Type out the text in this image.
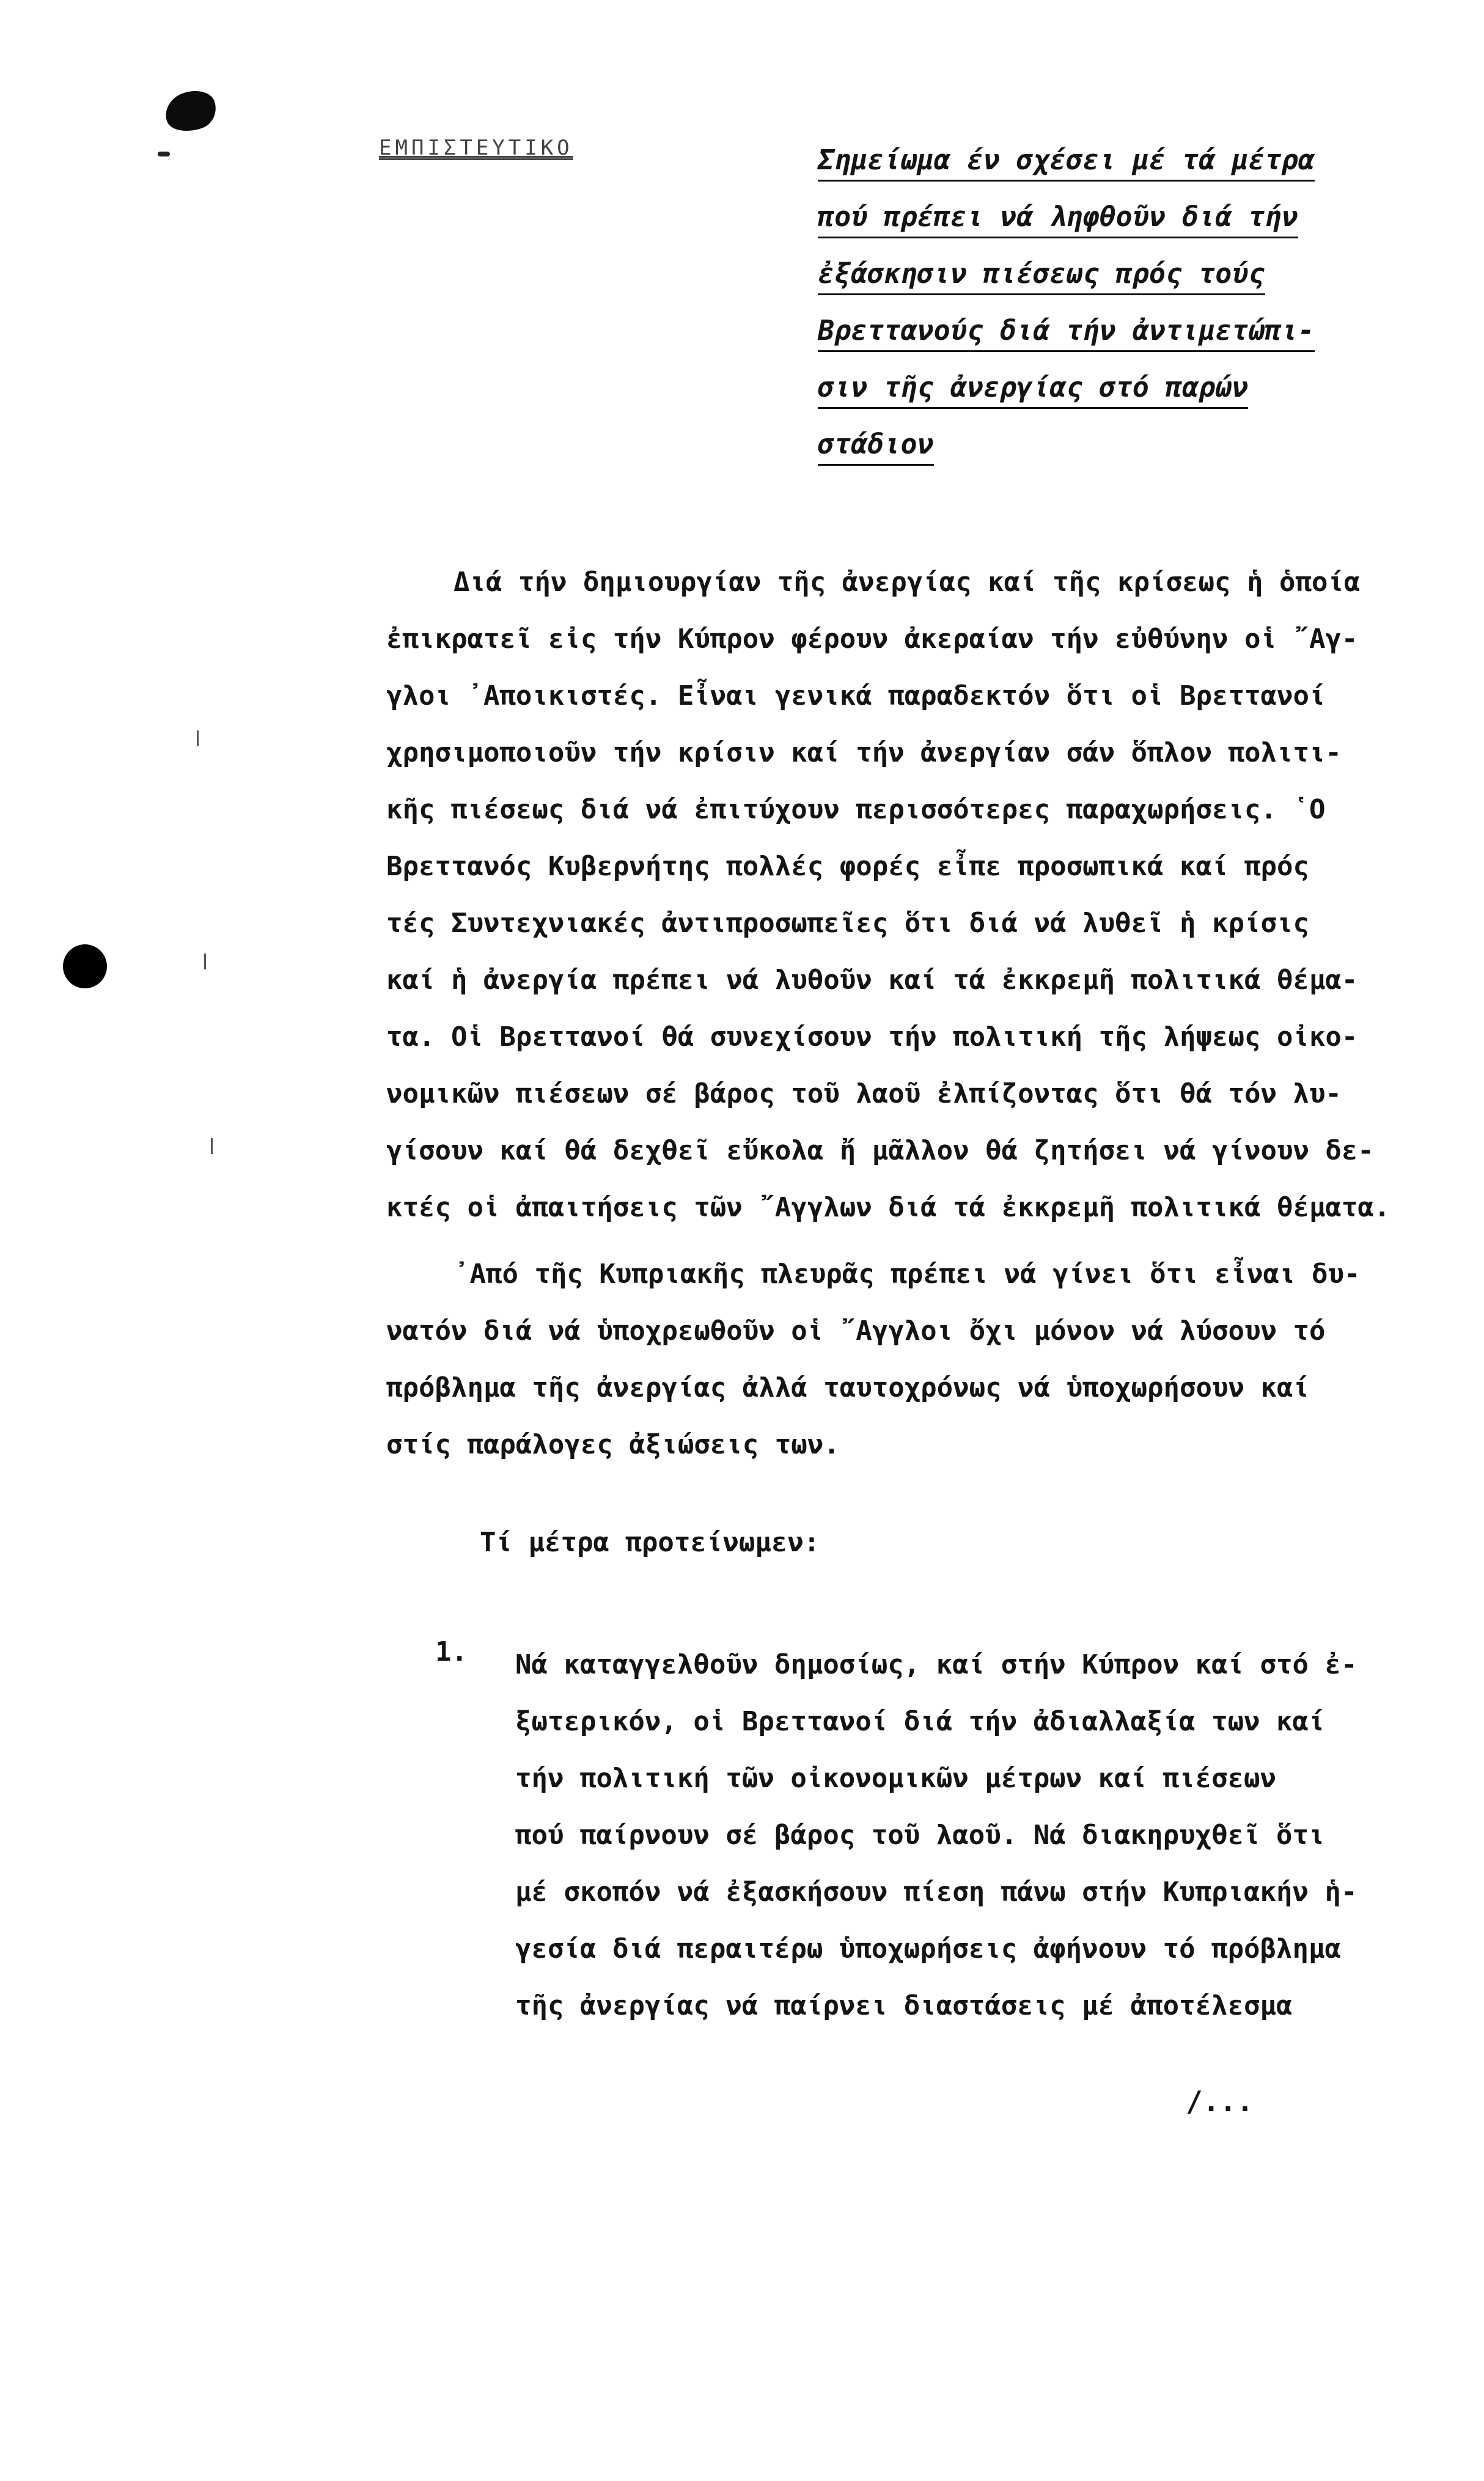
ΕΜΠΙΣΤΕΥΤΙΚΟ	Σημείωμα έν σχέσει μέ τά μέτρα
πού πρέπει νά ληφθοῦν διά τήν
ἐξάσκησιν πιέσεως πρός τούς
Βρεττανούς διά τήν ἀντιμετώπι-
σιν τῆς ἀνεργίας στό παρών στάδιον
Διά τήν δημιουργίαν τῆς ἀνεργίας καί τῆς κρίσεως ἡ ὁποία
ἐπικρατεῖ εἰς τήν Κύπρον φέρουν ἀκεραίαν τήν εὐθύνην οἱ ῎Αγ-
γλοι ᾿Αποικιστές. Εἶναι γενικά παραδεκτόν ὅτι οἱ Βρεττανοί
χρησιμοποιοῦν τήν κρίσιν καί τήν ἀνεργίαν σάν ὅπλον πολιτι-
κῆς πιέσεως διά νά ἐπιτύχουν περισσότερες παραχωρήσεις. ῾Ο
Βρεττανός Κυβερνήτης πολλές φορές εἶπε προσωπικά καί πρός
τές Συντεχνιακές ἀντιπροσωπεῖες ὅτι διά νά λυθεῖ ἡ κρίσις
καί ἡ ἀνεργία πρέπει νά λυθοῦν καί τά ἐκκρεμῆ πολιτικά θέμα-
τα. Οἱ Βρεττανοί θά συνεχίσουν τήν πολιτική τῆς λήψεως οἰκο-
νομικῶν πιέσεων σέ βάρος τοῦ λαοῦ ἐλπίζοντας ὅτι θά τόν λυ-
γίσουν καί θά δεχθεῖ εὔκολα ἤ μᾶλλον θά ζητήσει νά γίνουν δε-
κτές οἱ ἀπαιτήσεις τῶν ῎Αγγλων διά τά ἐκκρεμῆ πολιτικά θέματα.
᾿Από τῆς Κυπριακῆς πλευρᾶς πρέπει νά γίνει ὅτι εἶναι δυ-
νατόν διά νά ὑποχρεωθοῦν οἱ ῎Αγγλοι ὄχι μόνον νά λύσουν τό
πρόβλημα τῆς ἀνεργίας ἀλλά ταυτοχρόνως νά ὑποχωρήσουν καί
στίς παράλογες ἀξιώσεις των.
Τί μέτρα προτείνωμεν:
1. Νά καταγγελθοῦν δημοσίως, καί στήν Κύπρον καί στό ἐ-
ξωτερικόν, οἱ Βρεττανοί διά τήν ἀδιαλλαξία των καί
τήν πολιτική τῶν οἰκονομικῶν μέτρων καί πιέσεων
πού παίρνουν σέ βάρος τοῦ λαοῦ. Νά διακηρυχθεῖ ὅτι
μέ σκοπόν νά ἐξασκήσουν πίεση πάνω στήν Κυπριακήν ἡ-
γεσία διά περαιτέρω ὑποχωρήσεις ἀφήνουν τό πρόβλημα
τῆς ἀνεργίας νά παίρνει διαστάσεις μέ ἀποτέλεσμα
/...
